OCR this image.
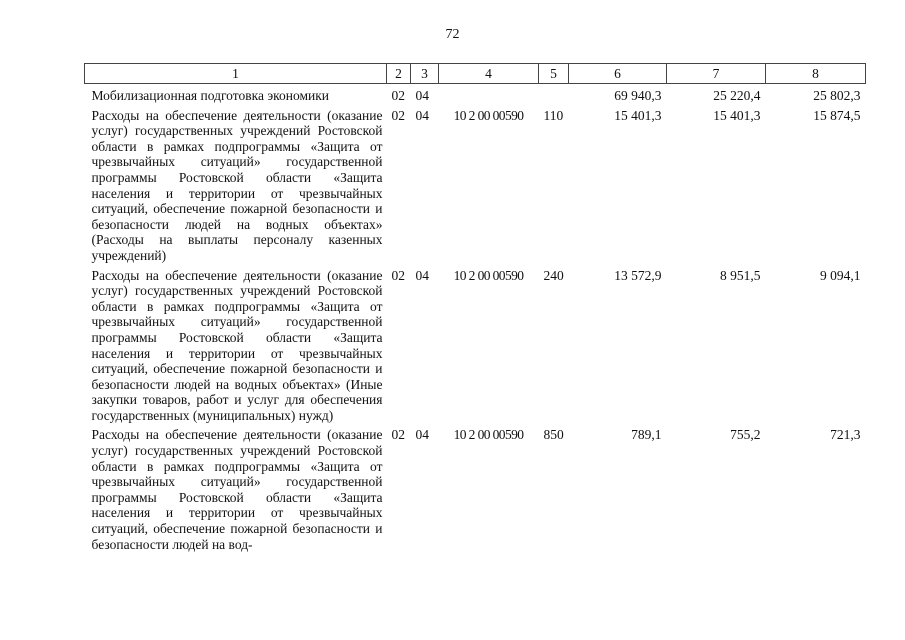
72
1	2	3	4	5	6	7	8
Мобилизационная подготовка экономики	02	04			69 940,3	25 220,4	25 802,3
Расходы на обеспечение деятельности (оказание услуг) государственных учреждений Ростовской области в рамках подпрограммы «Защита от чрезвычайных ситуаций» государственной программы Ростовской области «Защита населения и территории от чрезвычайных ситуаций, обеспечение пожарной безопасности и безопасности людей на водных объектах» (Расходы на выплаты персоналу казенных учреждений)	02	04	10 2 00 00590	110	15 401,3	15 401,3	15 874,5
Расходы на обеспечение деятельности (оказание услуг) государственных учреждений Ростовской области в рамках подпрограммы «Защита от чрезвычайных ситуаций» государственной программы Ростовской области «Защита населения и территории от чрезвычайных ситуаций, обеспечение пожарной безопасности и безопасности людей на водных объектах» (Иные закупки товаров, работ и услуг для обеспечения государственных (муниципальных) нужд)	02	04	10 2 00 00590	240	13 572,9	8 951,5	9 094,1
Расходы на обеспечение деятельности (оказание услуг) государственных учреждений Ростовской области в рамках подпрограммы «Защита от чрезвычайных ситуаций» государственной программы Ростовской области «Защита населения и территории от чрезвычайных ситуаций, обеспечение пожарной безопасности и безопасности людей на вод-	02	04	10 2 00 00590	850	789,1	755,2	721,3
